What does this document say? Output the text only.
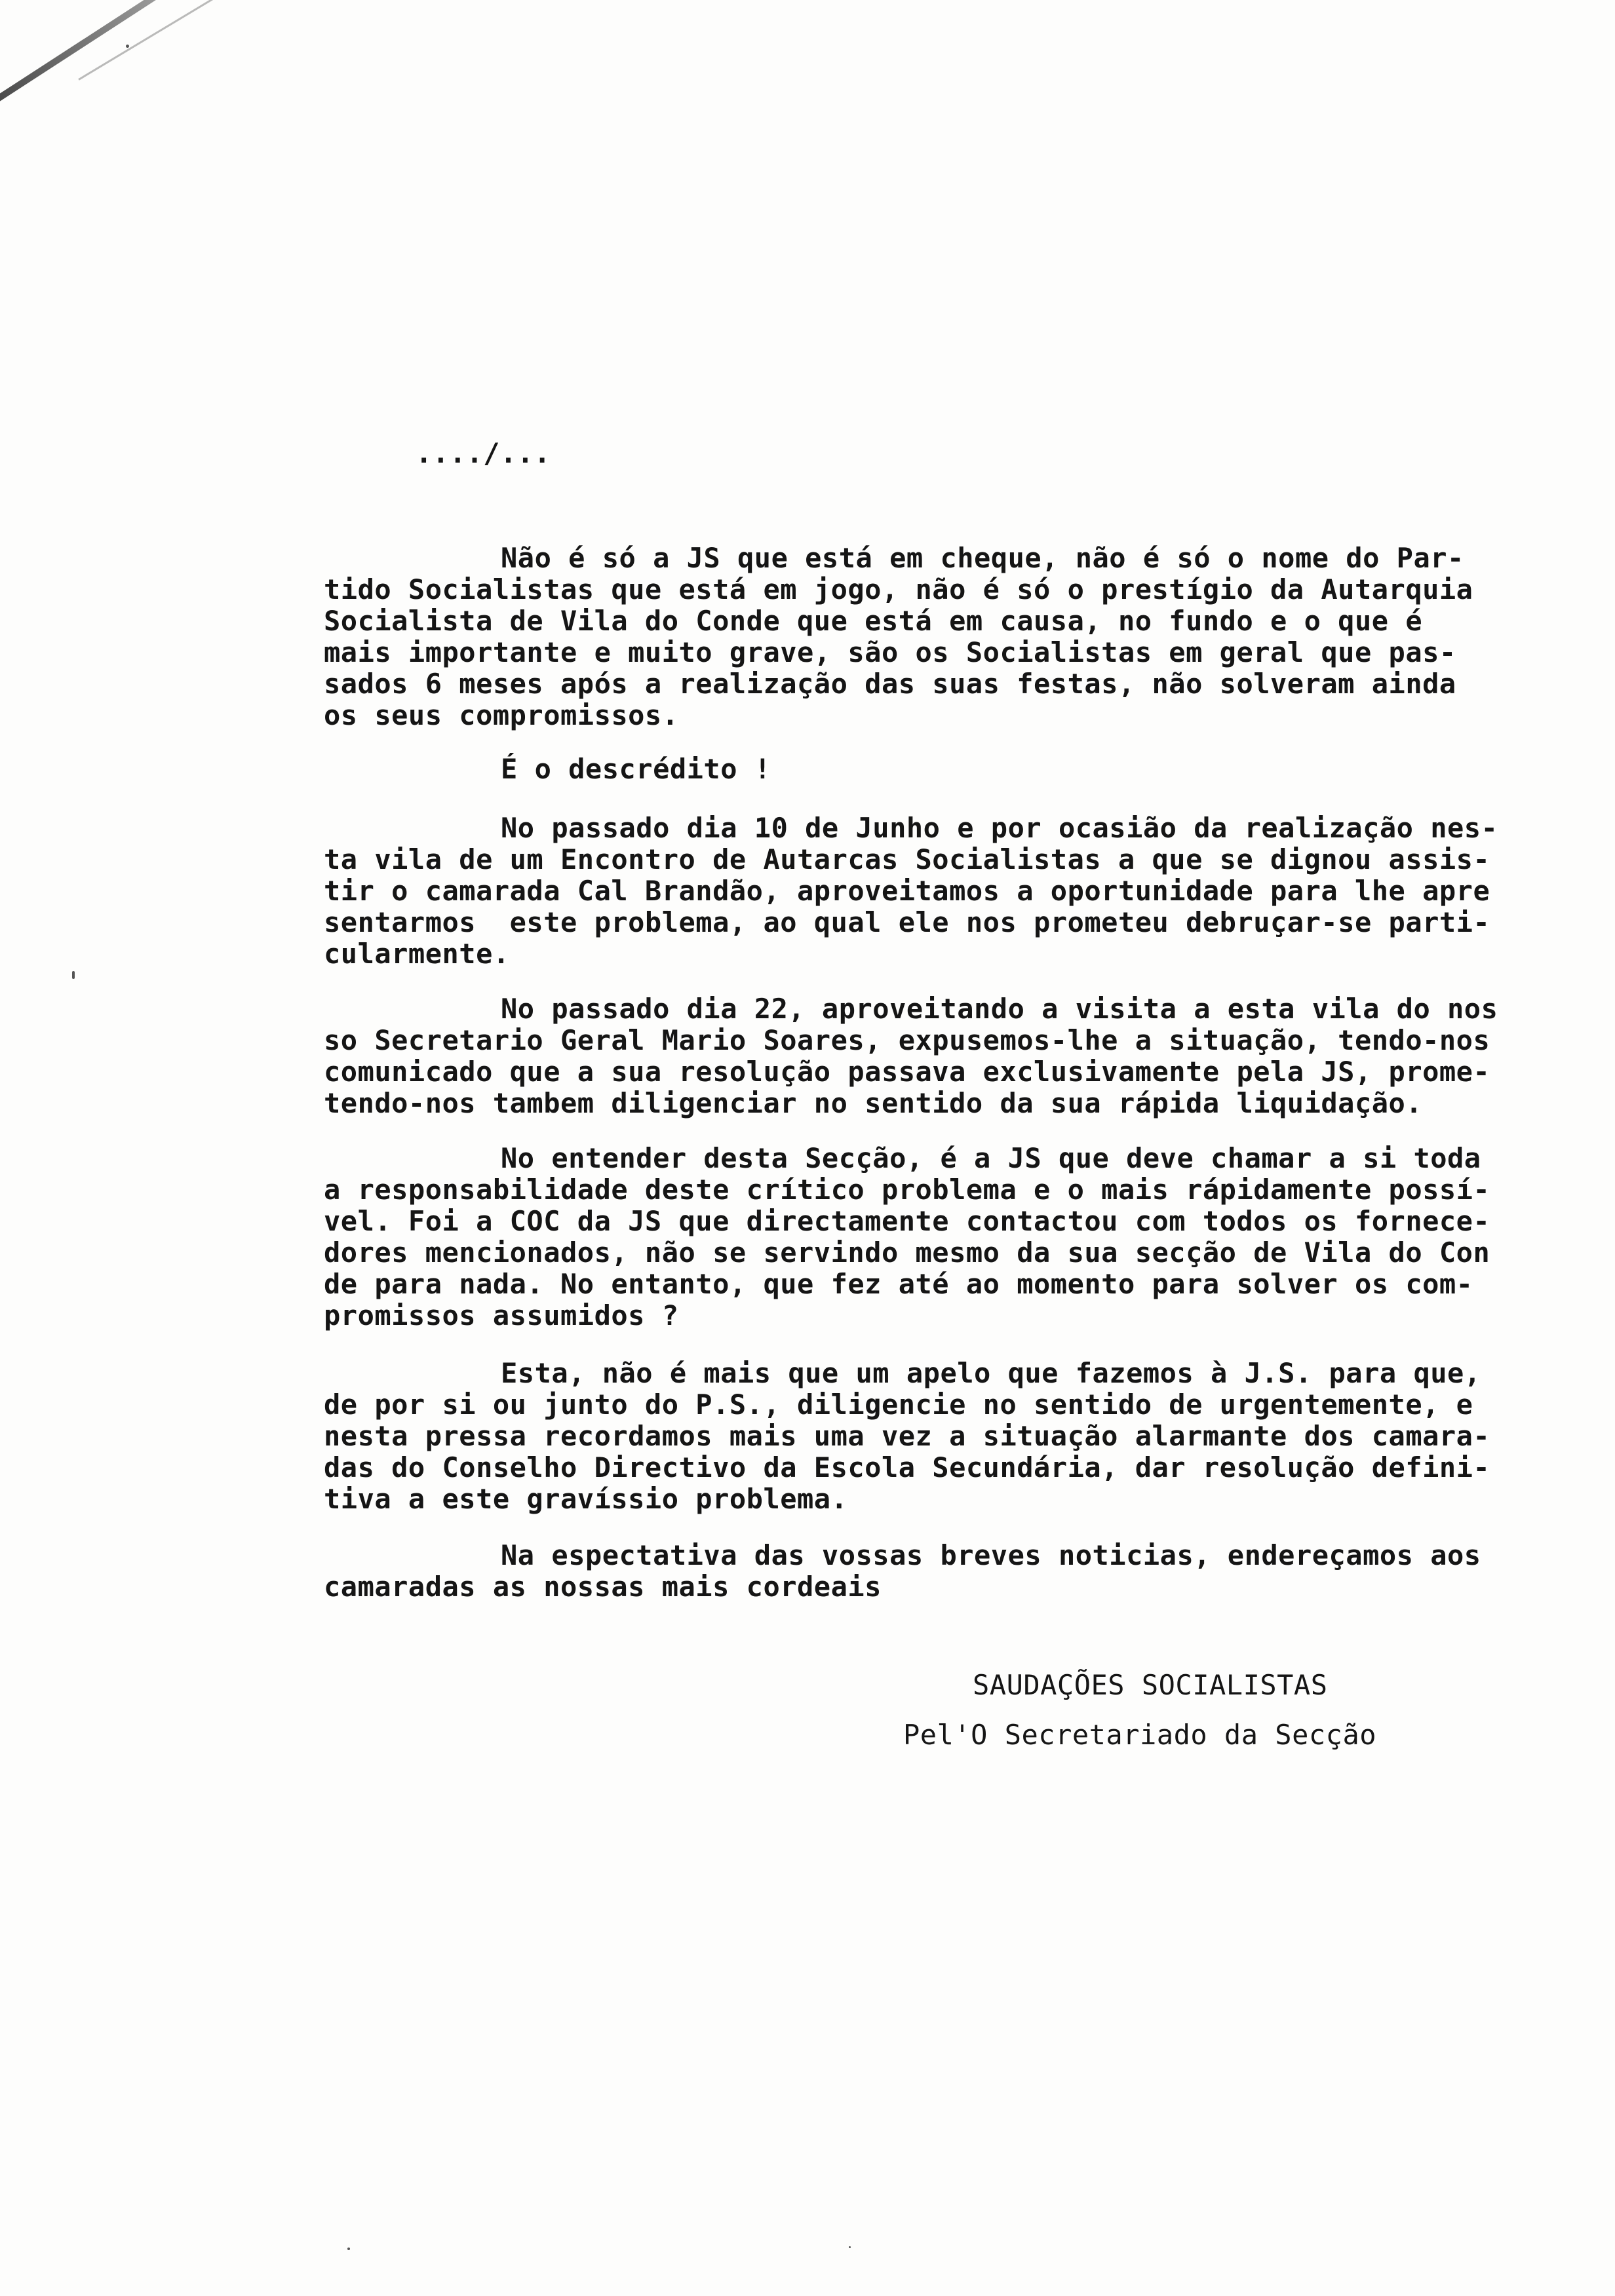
..../...
Não é só a JS que está em cheque, não é só o nome do Par-
tido Socialistas que está em jogo, não é só o prestígio da Autarquia
Socialista de Vila do Conde que está em causa, no fundo e o que é
mais importante e muito grave, são os Socialistas em geral que pas-
sados 6 meses após a realização das suas festas, não solveram ainda
os seus compromissos.
É o descrédito !
No passado dia 10 de Junho e por ocasião da realização nes-
ta vila de um Encontro de Autarcas Socialistas a que se dignou assis-
tir o camarada Cal Brandão, aproveitamos a oportunidade para lhe apre
sentarmos  este problema, ao qual ele nos prometeu debruçar-se parti-
cularmente.
No passado dia 22, aproveitando a visita a esta vila do nos
so Secretario Geral Mario Soares, expusemos-lhe a situação, tendo-nos
comunicado que a sua resolução passava exclusivamente pela JS, prome-
tendo-nos tambem diligenciar no sentido da sua rápida liquidação.
No entender desta Secção, é a JS que deve chamar a si toda
a responsabilidade deste crítico problema e o mais rápidamente possí-
vel. Foi a COC da JS que directamente contactou com todos os fornece-
dores mencionados, não se servindo mesmo da sua secção de Vila do Con
de para nada. No entanto, que fez até ao momento para solver os com-
promissos assumidos ?
Esta, não é mais que um apelo que fazemos à J.S. para que,
de por si ou junto do P.S., diligencie no sentido de urgentemente, e
nesta pressa recordamos mais uma vez a situação alarmante dos camara-
das do Conselho Directivo da Escola Secundária, dar resolução defini-
tiva a este gravíssio problema.
Na espectativa das vossas breves noticias, endereçamos aos
camaradas as nossas mais cordeais
SAUDAÇÕES SOCIALISTAS
Pel'O Secretariado da Secção
